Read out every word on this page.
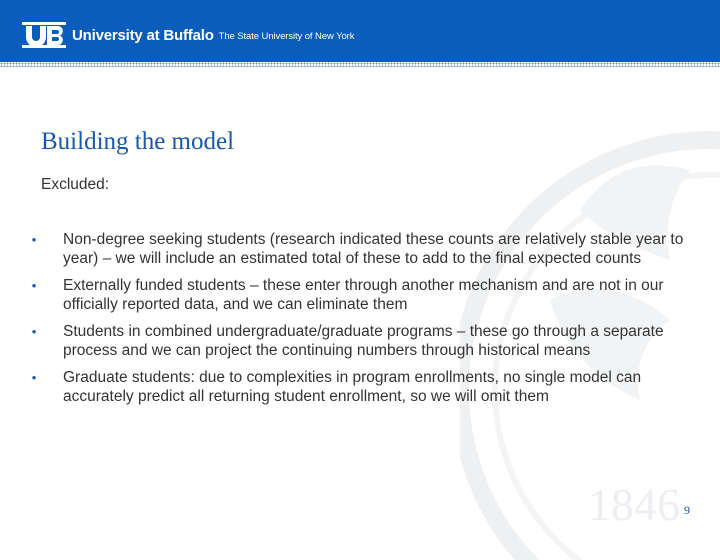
University at Buffalo The State University of New York
1846
Building the model

Excluded:

•	Non-degree seeking students (research indicated these counts are relatively stable year to year) – we will include an estimated total of these to add to the final expected counts
•	Externally funded students – these enter through another mechanism and are not in our officially reported data, and we can eliminate them
•	Students in combined undergraduate/graduate programs – these go through a separate process and we can project the continuing numbers through historical means
•	Graduate students: due to complexities in program enrollments, no single model can accurately predict all returning student enrollment, so we will omit them
9
